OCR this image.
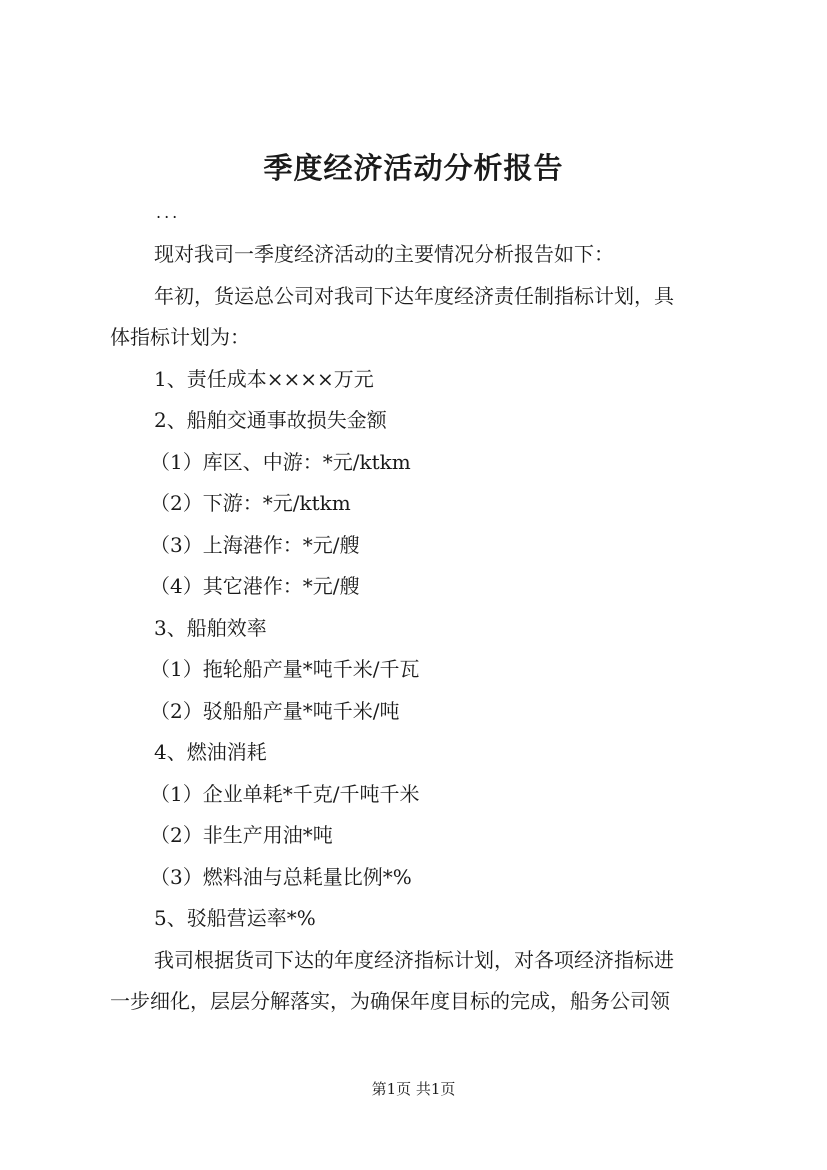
季度经济活动分析报告
...

现对我司一季度经济活动的主要情况分析报告如下：

年初，货运总公司对我司下达年度经济责任制指标计划，具

体指标计划为：

1、责任成本××××万元

2、船舶交通事故损失金额

（1）库区、中游：*元/ktkm

（2）下游：*元/ktkm

（3）上海港作：*元/艘

（4）其它港作：*元/艘

3、船舶效率

（1）拖轮船产量*吨千米/千瓦

（2）驳船船产量*吨千米/吨

4、燃油消耗

（1）企业单耗*千克/千吨千米

（2）非生产用油*吨

（3）燃料油与总耗量比例*%

5、驳船营运率*%

我司根据货司下达的年度经济指标计划，对各项经济指标进

一步细化，层层分解落实，为确保年度目标的完成，船务公司领

第1页 共1页
